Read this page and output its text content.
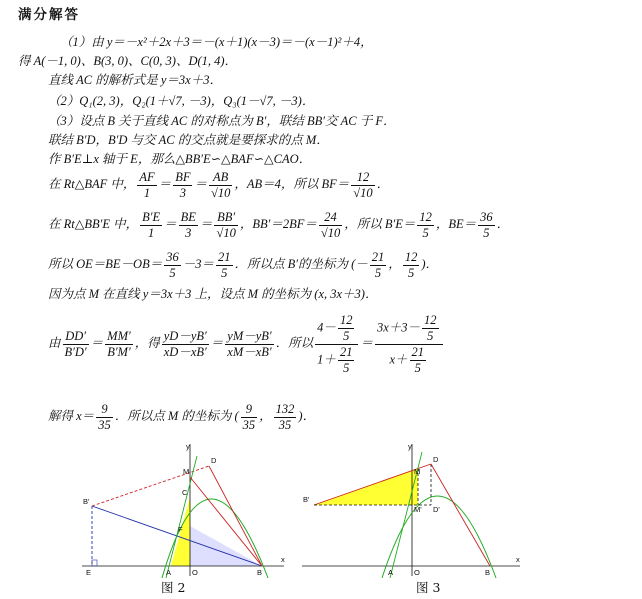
满分解答
（1）由 y＝－x²＋2x＋3＝－(x＋1)(x－3)＝－(x－1)²＋4，
得 A(－1, 0)、B(3, 0)、C(0, 3)、D(1, 4)．
直线 AC 的解析式是 y＝3x＋3．
（2）Q₁(2, 3)，Q₂(1＋√7, －3)，Q₃(1－√7, －3)．
（3）设点 B 关于直线 AC 的对称点为 B′，联结 BB′交 AC 于 F．
联结 B′D，B′D 与交 AC 的交点就是要探求的点 M．
作 B′E⊥x 轴于 E，那么△BB′E∽△BAF∽△CAO．
在 Rt△BAF 中， $\frac{AF}{1} = \frac{BF}{3} = \frac{AB}{√10}$ ，AB＝4，所以 $BF= \frac{12}{√10}$ ．
在 Rt△BB′E 中， $\frac{B'E}{1} = \frac{BE}{3} = \frac{BB'}{√10}$ ，$BB'=2BF= \frac{24}{√10}$ ，所以 $B'E= \frac{12}{5}$ ，$BE= \frac{36}{5}$ ．
所以 $OE=BE-OB= \frac{36}{5} -3= \frac{21}{5}$ ．所以点 B′的坐标为 (－ $\frac{21}{5}$ ， $\frac{12}{5}$ )．
因为点 M 在直线 y＝3x＋3 上，设点 M 的坐标为 (x, 3x＋3)．
由 $\frac{DD'}{B'D'} = \frac{MM'}{B'M'}$ ，得 $\frac{yD-yB'}{xD-xB'} = \frac{yM-yB'}{xM-xB'}$ ．所以 $\frac{4- \frac{12}{5}}{1+ \frac{21}{5}} = \frac{3x+3- \frac{12}{5}}{x+ \frac{21}{5}}$
解得 $x= \frac{9}{35}$ ．所以点 M 的坐标为 ( $\frac{9}{35}$ ， $\frac{132}{35}$ )．
y
x
B'
E
M
D
C
F
A	O	B
图 2
y
x
B'
M
D
M' D'
A	O	B
图 3
